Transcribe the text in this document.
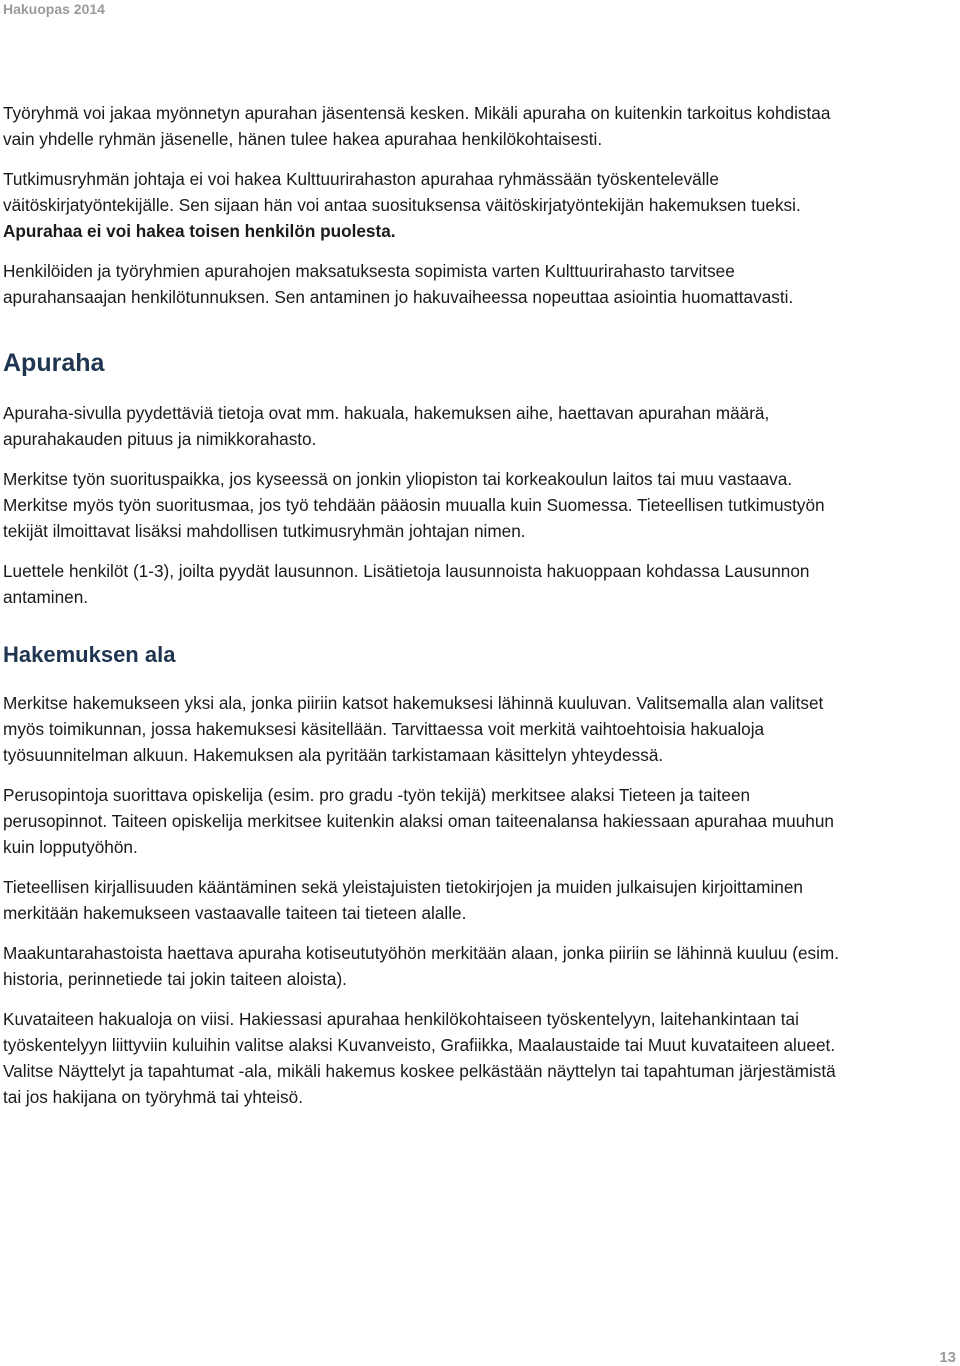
Hakuopas 2014

Työryhmä voi jakaa myönnetyn apurahan jäsentensä kesken. Mikäli apuraha on kuitenkin tarkoitus kohdistaa
vain yhdelle ryhmän jäsenelle, hänen tulee hakea apurahaa henkilökohtaisesti.

Tutkimusryhmän johtaja ei voi hakea Kulttuurirahaston apurahaa ryhmässään työskentelevälle
väitöskirjatyöntekijälle. Sen sijaan hän voi antaa suosituksensa väitöskirjatyöntekijän hakemuksen tueksi.
Apurahaa ei voi hakea toisen henkilön puolesta.

Henkilöiden ja työryhmien apurahojen maksatuksesta sopimista varten Kulttuurirahasto tarvitsee
apurahansaajan henkilötunnuksen. Sen antaminen jo hakuvaiheessa nopeuttaa asiointia huomattavasti.

Apuraha

Apuraha-sivulla pyydettäviä tietoja ovat mm. hakuala, hakemuksen aihe, haettavan apurahan määrä,
apurahakauden pituus ja nimikkorahasto.

Merkitse työn suorituspaikka, jos kyseessä on jonkin yliopiston tai korkeakoulun laitos tai muu vastaava.
Merkitse myös työn suoritusmaa, jos työ tehdään pääosin muualla kuin Suomessa. Tieteellisen tutkimustyön
tekijät ilmoittavat lisäksi mahdollisen tutkimusryhmän johtajan nimen.

Luettele henkilöt (1-3), joilta pyydät lausunnon. Lisätietoja lausunnoista hakuoppaan kohdassa Lausunnon
antaminen.

Hakemuksen ala

Merkitse hakemukseen yksi ala, jonka piiriin katsot hakemuksesi lähinnä kuuluvan. Valitsemalla alan valitset
myös toimikunnan, jossa hakemuksesi käsitellään. Tarvittaessa voit merkitä vaihtoehtoisia hakualoja
työsuunnitelman alkuun. Hakemuksen ala pyritään tarkistamaan käsittelyn yhteydessä.

Perusopintoja suorittava opiskelija (esim. pro gradu -työn tekijä) merkitsee alaksi Tieteen ja taiteen
perusopinnot. Taiteen opiskelija merkitsee kuitenkin alaksi oman taiteenalansa hakiessaan apurahaa muuhun
kuin lopputyöhön.

Tieteellisen kirjallisuuden kääntäminen sekä yleistajuisten tietokirjojen ja muiden julkaisujen kirjoittaminen
merkitään hakemukseen vastaavalle taiteen tai tieteen alalle.

Maakuntarahastoista haettava apuraha kotiseututyöhön merkitään alaan, jonka piiriin se lähinnä kuuluu (esim.
historia, perinnetiede tai jokin taiteen aloista).

Kuvataiteen hakualoja on viisi. Hakiessasi apurahaa henkilökohtaiseen työskentelyyn, laitehankintaan tai
työskentelyyn liittyviin kuluihin valitse alaksi Kuvanveisto, Grafiikka, Maalaustaide tai Muut kuvataiteen alueet.
Valitse Näyttelyt ja tapahtumat -ala, mikäli hakemus koskee pelkästään näyttelyn tai tapahtuman järjestämistä
tai jos hakijana on työryhmä tai yhteisö.

13
